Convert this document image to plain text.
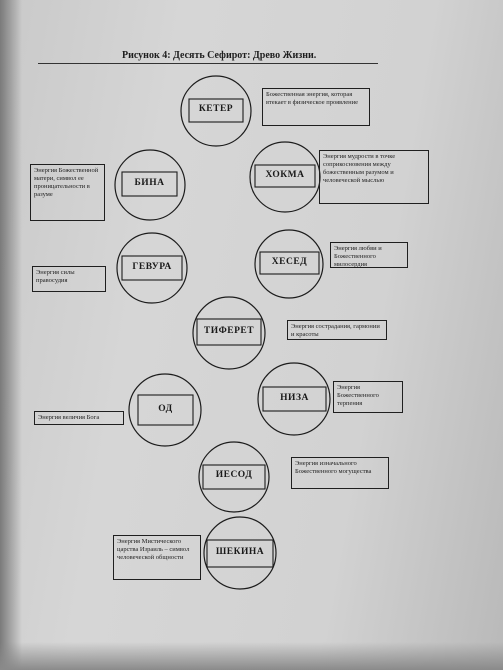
Рисунок 4: Десять Сефирот: Древо Жизни.
КЕТЕР
ХОКМА
БИНА
ХЕСЕД
ГЕВУРА
ТИФЕРЕТ
НИЗА
ОД
ИЕСОД
ШЕКИНА
Божественная энергия, которая втекает в физическое проявление
Энергия мудрости в точке соприкосновения между божественным разумом и человеческой мыслью
Энергия Божественной матери, символ ее проницательности в разуме
Энергия любви и Божественного милосердия
Энергия силы правосудия
Энергия сострадания, гармонии и красоты
Энергия Божественного терпения
Энергия величия Бога
Энергия изначального Божественного могущества
Энергия Мистического царства Израиль – символ человеческой общности
